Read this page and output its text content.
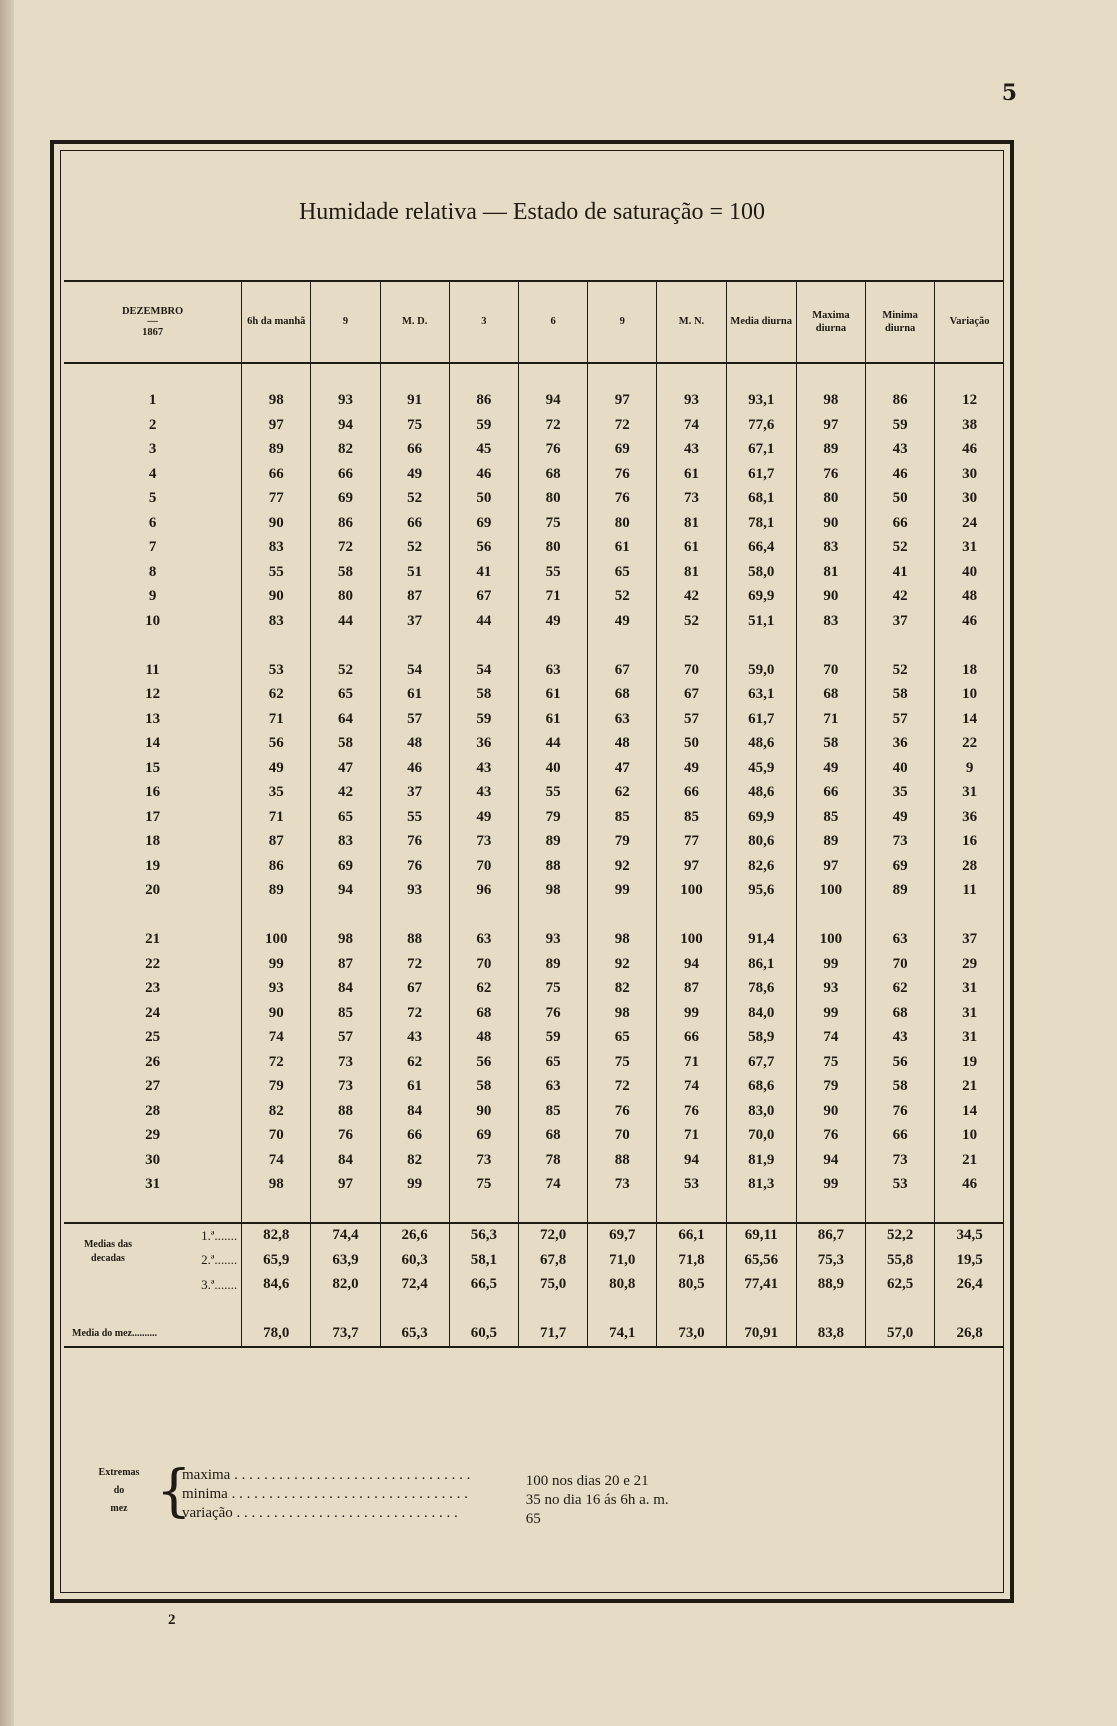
5
Humidade relativa — Estado de saturação = 100
DEZEMBRO
—
1867	6h da manhã	9	M. D.	3	6	9	M. N.	Media diurna	Maxima diurna	Minima diurna	Variação

1	98	93	91	86	94	97	93	93,1	98	86	12
2	97	94	75	59	72	72	74	77,6	97	59	38
3	89	82	66	45	76	69	43	67,1	89	43	46
4	66	66	49	46	68	76	61	61,7	76	46	30
5	77	69	52	50	80	76	73	68,1	80	50	30
6	90	86	66	69	75	80	81	78,1	90	66	24
7	83	72	52	56	80	61	61	66,4	83	52	31
8	55	58	51	41	55	65	81	58,0	81	41	40
9	90	80	87	67	71	52	42	69,9	90	42	48
10	83	44	37	44	49	49	52	51,1	83	37	46

11	53	52	54	54	63	67	70	59,0	70	52	18
12	62	65	61	58	61	68	67	63,1	68	58	10
13	71	64	57	59	61	63	57	61,7	71	57	14
14	56	58	48	36	44	48	50	48,6	58	36	22
15	49	47	46	43	40	47	49	45,9	49	40	9
16	35	42	37	43	55	62	66	48,6	66	35	31
17	71	65	55	49	79	85	85	69,9	85	49	36
18	87	83	76	73	89	79	77	80,6	89	73	16
19	86	69	76	70	88	92	97	82,6	97	69	28
20	89	94	93	96	98	99	100	95,6	100	89	11

21	100	98	88	63	93	98	100	91,4	100	63	37
22	99	87	72	70	89	92	94	86,1	99	70	29
23	93	84	67	62	75	82	87	78,6	93	62	31
24	90	85	72	68	76	98	99	84,0	99	68	31
25	74	57	43	48	59	65	66	58,9	74	43	31
26	72	73	62	56	65	75	71	67,7	75	56	19
27	79	73	61	58	63	72	74	68,6	79	58	21
28	82	88	84	90	85	76	76	83,0	90	76	14
29	70	76	66	69	68	70	71	70,0	76	66	10
30	74	84	82	73	78	88	94	81,9	94	73	21
31	98	97	99	75	74	73	53	81,3	99	53	46

1.ª.......	82,8	74,4	26,6	56,3	72,0	69,7	66,1	69,11	86,7	52,2	34,5

Medias das
decadas 2.ª.......	65,9	63,9	60,3	58,1	67,8	71,0	71,8	65,56	75,3	55,8	19,5
3.ª.......	84,6	82,0	72,4	66,5	75,0	80,8	80,5	77,41	88,9	62,5	26,4

Media do mez..........	78,0	73,7	65,3	60,5	71,7	74,1	73,0	70,91	83,8	57,0	26,8
Extremas
do
mez {
maxima . . . . . . . . . . . . . . . . . . . . . . . . . . . . . . . .	100 nos dias 20 e 21
minima . . . . . . . . . . . . . . . . . . . . . . . . . . . . . . . .	35 no dia 16 ás 6h a. m.
variação . . . . . . . . . . . . . . . . . . . . . . . . . . . . . .	65
2
